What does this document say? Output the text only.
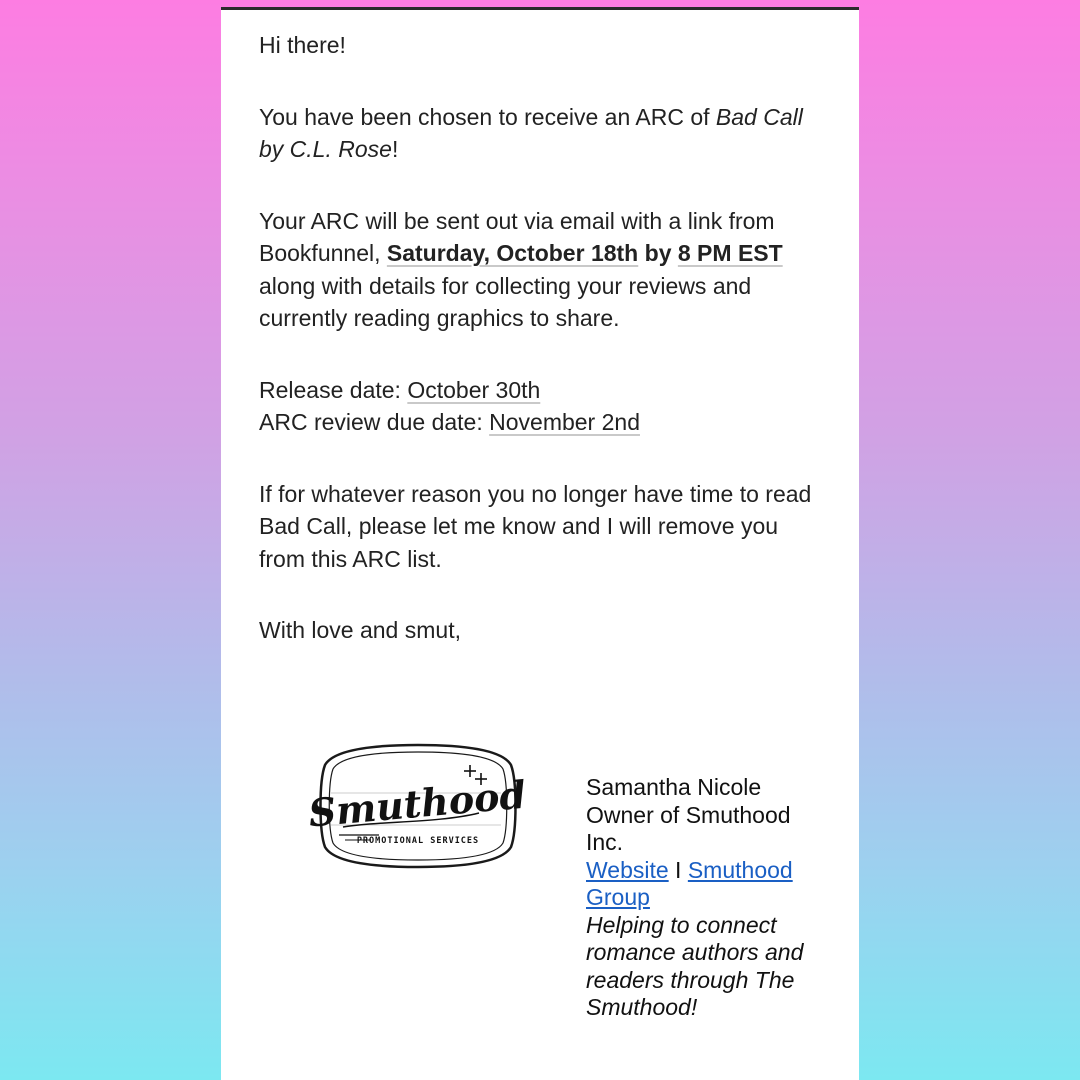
Hi there!

You have been chosen to receive an ARC of Bad Call by C.L. Rose!

Your ARC will be sent out via email with a link from Bookfunnel, Saturday, October 18th by 8 PM EST along with details for collecting your reviews and currently reading graphics to share.

Release date: October 30th
ARC review due date: November 2nd

If for whatever reason you no longer have time to read Bad Call, please let me know and I will remove you from this ARC list.

With love and smut,

Smuthood
PROMOTIONAL SERVICES
Samantha Nicole
Owner of Smuthood Inc.
Website I Smuthood Group
Helping to connect romance authors and readers through The Smuthood!
